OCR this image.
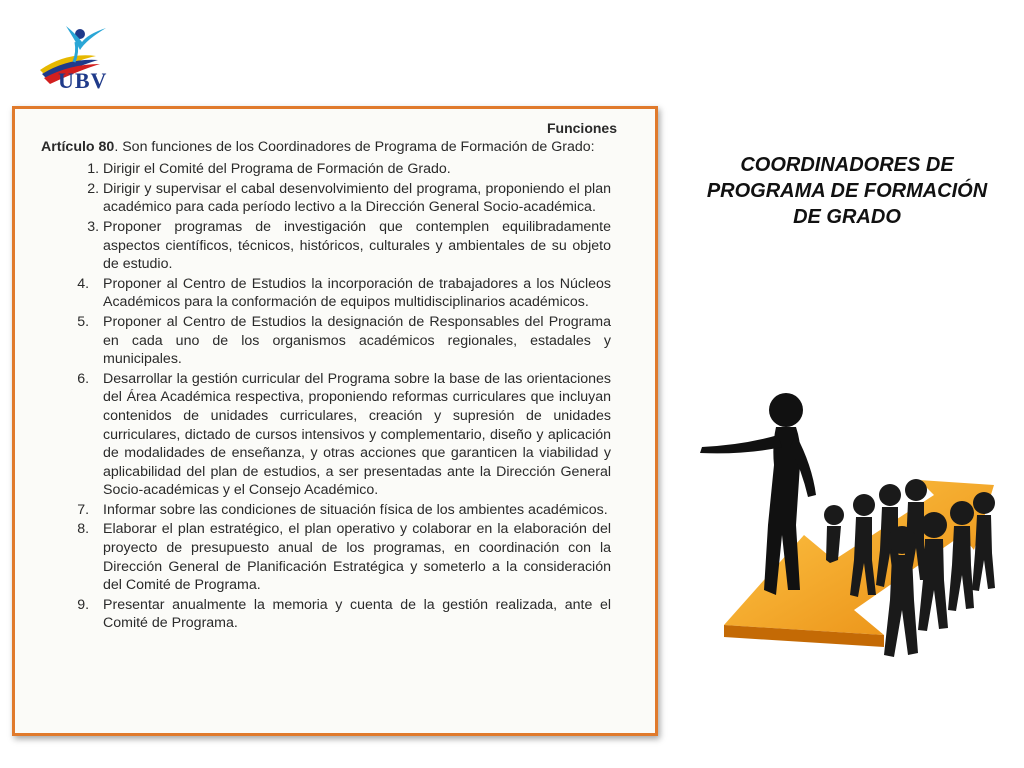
UBV
Funciones

Artículo 80. Son funciones de los Coordinadores de Programa de Formación de Grado:

1. Dirigir el Comité del Programa de Formación de Grado.
2. Dirigir y supervisar el cabal desenvolvimiento del programa, proponiendo el plan académico para cada período lectivo a la Dirección General Socio-académica.
3. Proponer programas de investigación que contemplen equilibradamente aspectos científicos, técnicos, históricos, culturales y ambientales de su objeto de estudio.
4. Proponer al Centro de Estudios la incorporación de trabajadores a los Núcleos Académicos para la conformación de equipos multidisciplinarios académicos.
5. Proponer al Centro de Estudios la designación de Responsables del Programa en cada uno de los organismos académicos regionales, estadales y municipales.
6. Desarrollar la gestión curricular del Programa sobre la base de las orientaciones del Área Académica respectiva, proponiendo reformas curriculares que incluyan contenidos de unidades curriculares, creación y supresión de unidades curriculares, dictado de cursos intensivos y complementario, diseño y aplicación de modalidades de enseñanza, y otras acciones que garanticen la viabilidad y aplicabilidad del plan de estudios, a ser presentadas ante la Dirección General Socio-académicas y el Consejo Académico.
7. Informar sobre las condiciones de situación física de los ambientes académicos.
8. Elaborar el plan estratégico, el plan operativo y colaborar en la elaboración del proyecto de presupuesto anual de los programas, en coordinación con la Dirección General de Planificación Estratégica y someterlo a la consideración del Comité de Programa.
9. Presentar anualmente la memoria y cuenta de la gestión realizada, ante el Comité de Programa.
COORDINADORES DE
PROGRAMA DE FORMACIÓN
DE GRADO
